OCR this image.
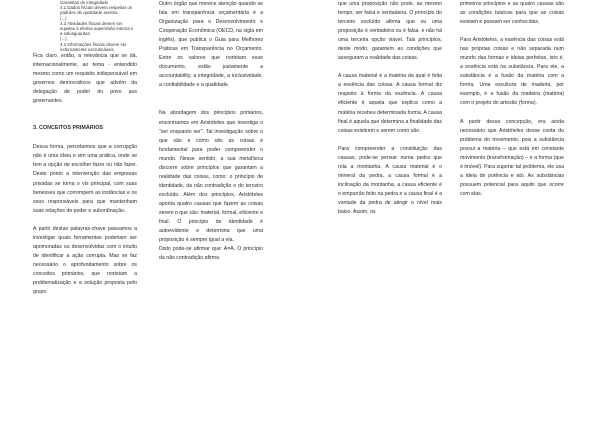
Garantias de integridade
4.1 Dados fiscais devem respeitar os padrões de qualidade aceitos.
(...)
4.2 Atividades fiscais devem ser sujeitas à efetiva supervisão interna e a salvaguardas.
(...)
4.3 Informações fiscais devem ser externamente escrutináveis.

Fica claro, então, a relevância que se dá, internacionalmente, ao tema - entendido mesmo como um requisito indispensável em governos democráticos que advém da delegação de poder do povo aos governantes.

3. CONCEITOS PRIMÁRIOS

Dessa forma, percebemos que a corrupção não é uma ideia e sim uma prática, onde se tem a opção de escolher fazer ou não fazer. Deste ponto a intervenção das empresas privadas se torna o vis principal, com suas benesses que corrompem as instâncias e os seus responsáveis para que mantenham suas relações de poder e subordinação.

A partir destas palavras-chave passamos a investigar quais ferramentas poderiam ser aprimoradas ou desenvolvidas com o intuito de identificar a ação corrupta. Mas se faz necessário o aprofundamento sobre os conceitos primários, que norteiam a problematização e a solução proposta pelo grupo.

Outro órgão que merece atenção quando se fala em transparência orçamentária é a Organização para o Desenvolvimento e Cooperação Econômica (OECD, na sigla em inglês), que publica o Guia para Melhores Práticas em Transparência no Orçamento. Entre os valores que norteiam esse documento, estão justamente a accountability, a integridade, a inclusividade, a confiabilidade e a qualidade.

Na abordagem dos princípios primários, encontramos em Aristóteles que investiga o "ser enquanto ser". Tal investigação sobre o que são e como são as coisas é fundamental para poder compreender o mundo. Nesse sentido, a sua metafísica discorre sobre princípios que garantam a realidade das coisas, como: o princípio de identidade, da não contradição e do terceiro excluído. Além dos princípios, Aristóteles aponta quatro causas que fazem as coisas serem o que são: material, formal, eficiente e final. O princípio de identidade é autoevidente e determina que uma proposição é sempre igual a ela.

Disto pode-se afirmar que: A=A. O princípio da não contradição afirma

que uma proposição não pode, ao mesmo tempo, ser falsa e verdadeira. O princípio do terceiro excluído afirma que ou uma proposição é verdadeira ou é falsa, e não há uma terceira opção viável. Tais princípios, deste modo, garantem as condições que asseguram a realidade das coisas.

A causa material é a matéria da qual é feita a essência das coisas. A causa formal diz respeito à forma da essência. A causa eficiente é aquela que explica como a matéria recebeu determinada forma. A causa final é aquela que determina a finalidade das coisas existirem e serem como são.

Para compreender a constituição das causas, pode-se pensar numa pedra que rola a montanha. A causa material é o mineral da pedra, a causa formal é a inclinação da montanha, a causa eficiente é o empurrão feito na pedra e a causa final é a vontade da pedra de atingir o nível mais baixo. Assim, os

primeiros princípios e as quatro causas são as condições básicas para que as coisas existam e possam ser conhecidas.

Para Aristóteles, a essência das coisas está nas próprias coisas e não separada num mundo das formas e ideias perfeitas, isto é, a essência está na substância. Para ele, a substância é a fusão da matéria com a forma. Uma escultura de madeira, por exemplo, é a fusão da madeira (matéria) com o projeto do artesão (forma).

A partir dessa concepção, era ainda necessário que Aristóteles desse conta do problema do movimento, pois a substância possui a matéria – que está em constante movimento (transformação) – e a forma (que é imóvel). Para superar tal problema, ele usa a ideia de potência e ato. As substâncias possuem potencial para aquilo que ocorre com elas.
